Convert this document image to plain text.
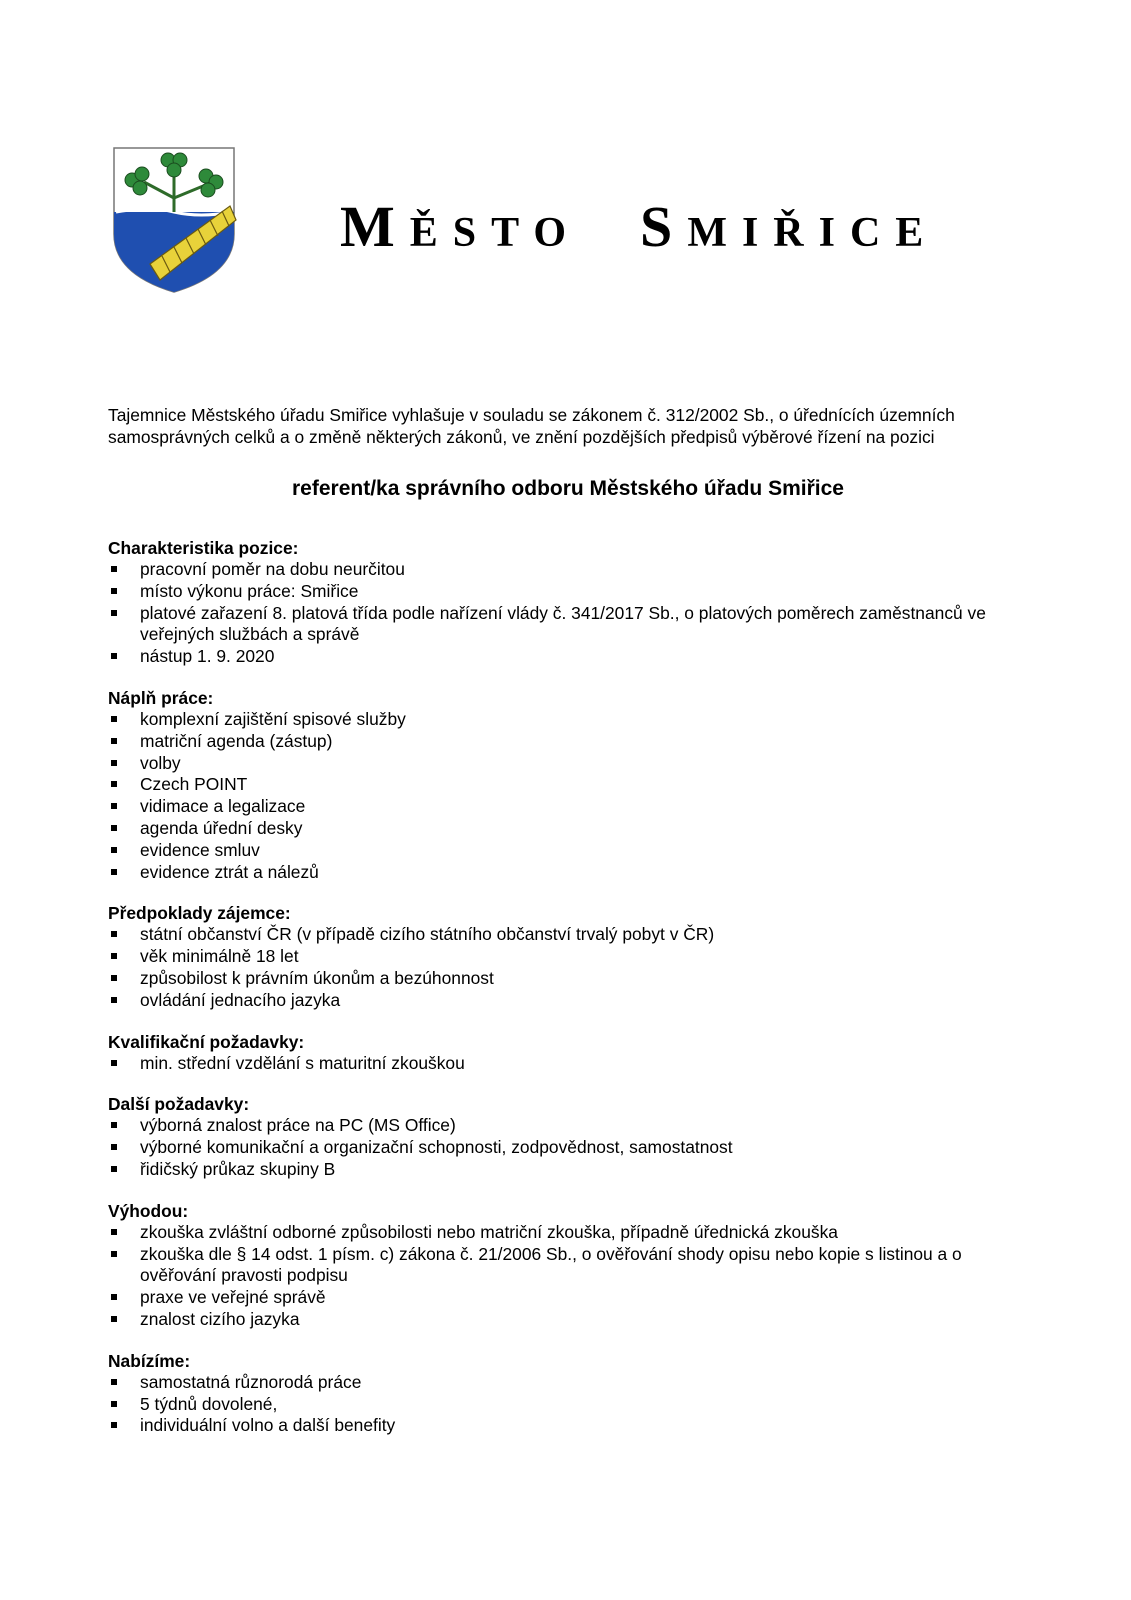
MĚSTO SMIŘICE

Tajemnice Městského úřadu Smiřice vyhlašuje v souladu se zákonem č. 312/2002 Sb., o úřednících územních samosprávných celků a o změně některých zákonů, ve znění pozdějších předpisů výběrové řízení na pozici

referent/ka správního odboru Městského úřadu Smiřice
Charakteristika pozice:
pracovní poměr na dobu neurčitou
místo výkonu práce: Smiřice
platové zařazení 8. platová třída podle nařízení vlády č. 341/2017 Sb., o platových poměrech zaměstnanců ve veřejných službách a správě
nástup 1. 9. 2020
Náplň práce:
komplexní zajištění spisové služby
matriční agenda (zástup)
volby
Czech POINT
vidimace a legalizace
agenda úřední desky
evidence smluv
evidence ztrát a nálezů
Předpoklady zájemce:
státní občanství ČR (v případě cizího státního občanství trvalý pobyt v ČR)
věk minimálně 18 let
způsobilost k právním úkonům a bezúhonnost
ovládání jednacího jazyka
Kvalifikační požadavky:
min. střední vzdělání s maturitní zkouškou
Další požadavky:
výborná znalost práce na PC (MS Office)
výborné komunikační a organizační schopnosti, zodpovědnost, samostatnost
řidičský průkaz skupiny B
Výhodou:
zkouška zvláštní odborné způsobilosti nebo matriční zkouška, případně úřednická zkouška
zkouška dle § 14 odst. 1 písm. c) zákona č. 21/2006 Sb., o ověřování shody opisu nebo kopie s listinou a o ověřování pravosti podpisu
praxe ve veřejné správě
znalost cizího jazyka
Nabízíme:
samostatná různorodá práce
5 týdnů dovolené,
individuální volno a další benefity
